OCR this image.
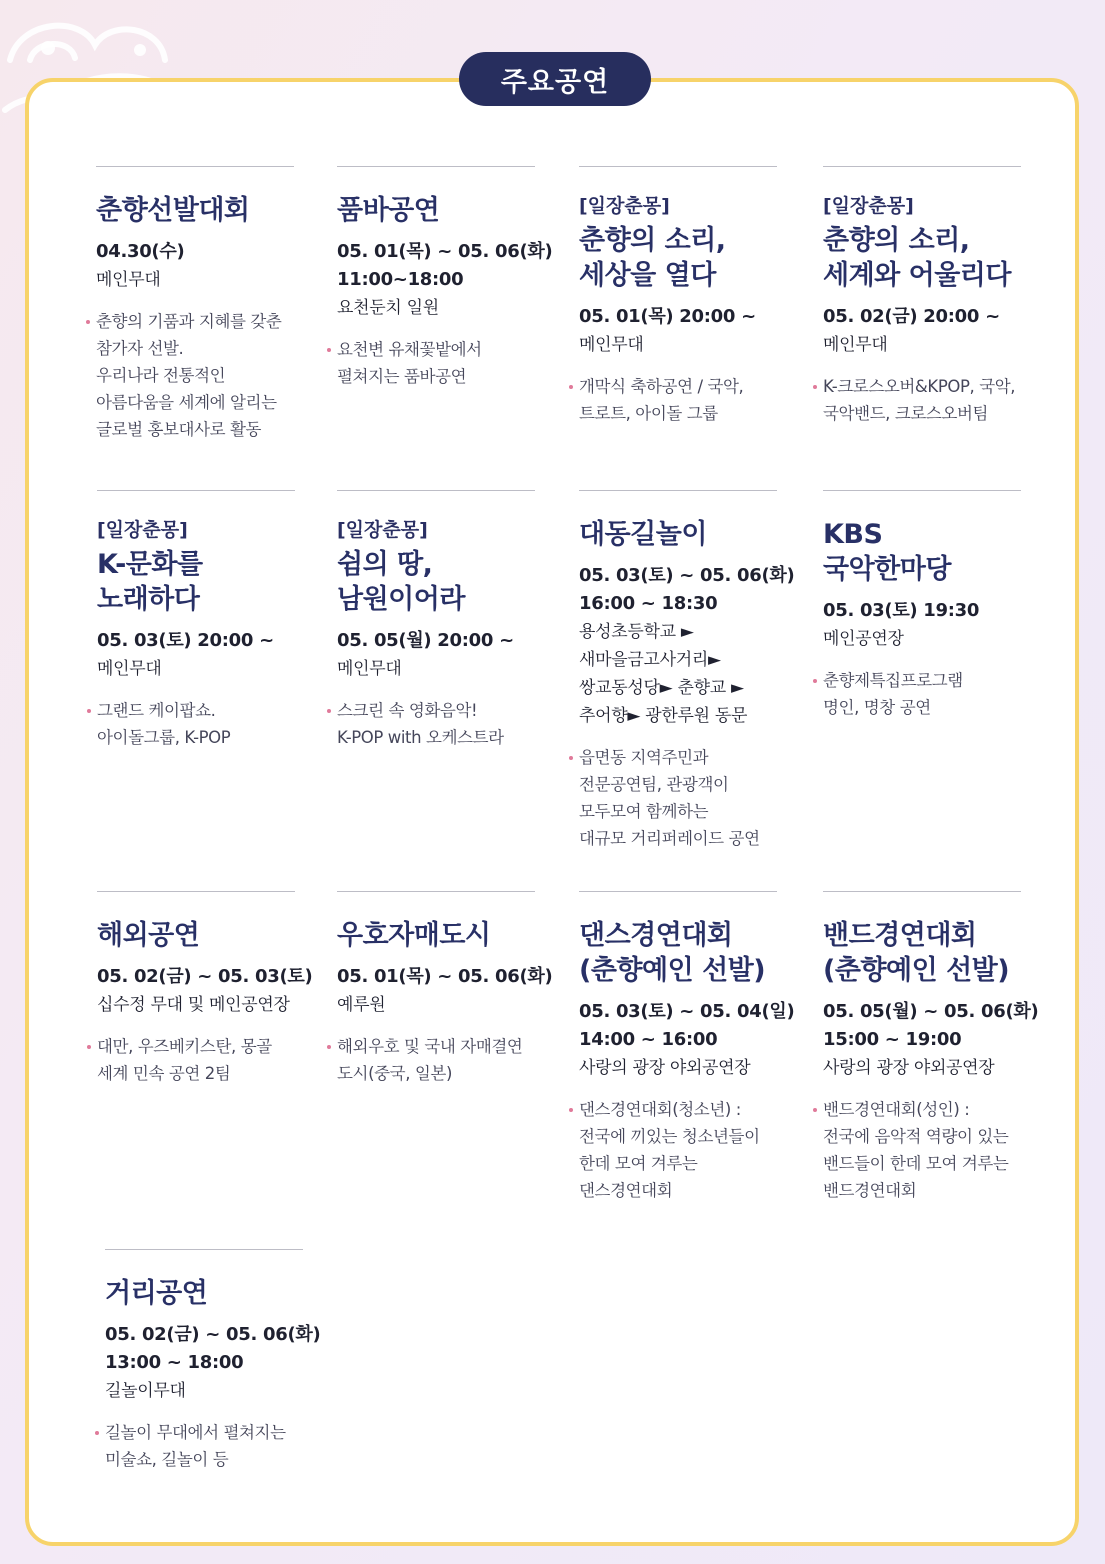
주요공연
춘향선발대회
04.30(수)
메인무대
춘향의 기품과 지혜를 갖춘
참가자 선발.
우리나라 전통적인
아름다움을 세계에 알리는
글로벌 홍보대사로 활동
품바공연
05. 01(목) ~ 05. 06(화)
11:00~18:00
요천둔치 일원
요천변 유채꽃밭에서
펼쳐지는 품바공연
[일장춘몽]
춘향의 소리,
세상을 열다
05. 01(목) 20:00 ~
메인무대
개막식 축하공연 / 국악,
트로트, 아이돌 그룹
[일장춘몽]
춘향의 소리,
세계와 어울리다
05. 02(금) 20:00 ~
메인무대
K-크로스오버&KPOP, 국악,
국악밴드, 크로스오버팀
[일장춘몽]
K-문화를
노래하다
05. 03(토) 20:00 ~
메인무대
그랜드 케이팝쇼.
아이돌그룹, K-POP
[일장춘몽]
쉼의 땅,
남원이어라
05. 05(월) 20:00 ~
메인무대
스크린 속 영화음악!
K-POP with 오케스트라
대동길놀이
05. 03(토) ~ 05. 06(화)
16:00 ~ 18:30
용성초등학교 ►
새마을금고사거리►
쌍교동성당► 춘향교 ►
추어향► 광한루원 동문
읍면동 지역주민과
전문공연팀, 관광객이
모두모여 함께하는
대규모 거리퍼레이드 공연
KBS
국악한마당
05. 03(토) 19:30
메인공연장
춘향제특집프로그램
명인, 명창 공연
해외공연
05. 02(금) ~ 05. 03(토)
십수정 무대 및 메인공연장
대만, 우즈베키스탄, 몽골
세계 민속 공연 2팀
우호자매도시
05. 01(목) ~ 05. 06(화)
예루원
해외우호 및 국내 자매결연
도시(중국, 일본)
댄스경연대회
(춘향예인 선발)
05. 03(토) ~ 05. 04(일)
14:00 ~ 16:00
사랑의 광장 야외공연장
댄스경연대회(청소년) :
전국에 끼있는 청소년들이
한데 모여 겨루는
댄스경연대회
밴드경연대회
(춘향예인 선발)
05. 05(월) ~ 05. 06(화)
15:00 ~ 19:00
사랑의 광장 야외공연장
밴드경연대회(성인) :
전국에 음악적 역량이 있는
밴드들이 한데 모여 겨루는
밴드경연대회
거리공연
05. 02(금) ~ 05. 06(화)
13:00 ~ 18:00
길놀이무대
길놀이 무대에서 펼쳐지는
미술쇼, 길놀이 등
